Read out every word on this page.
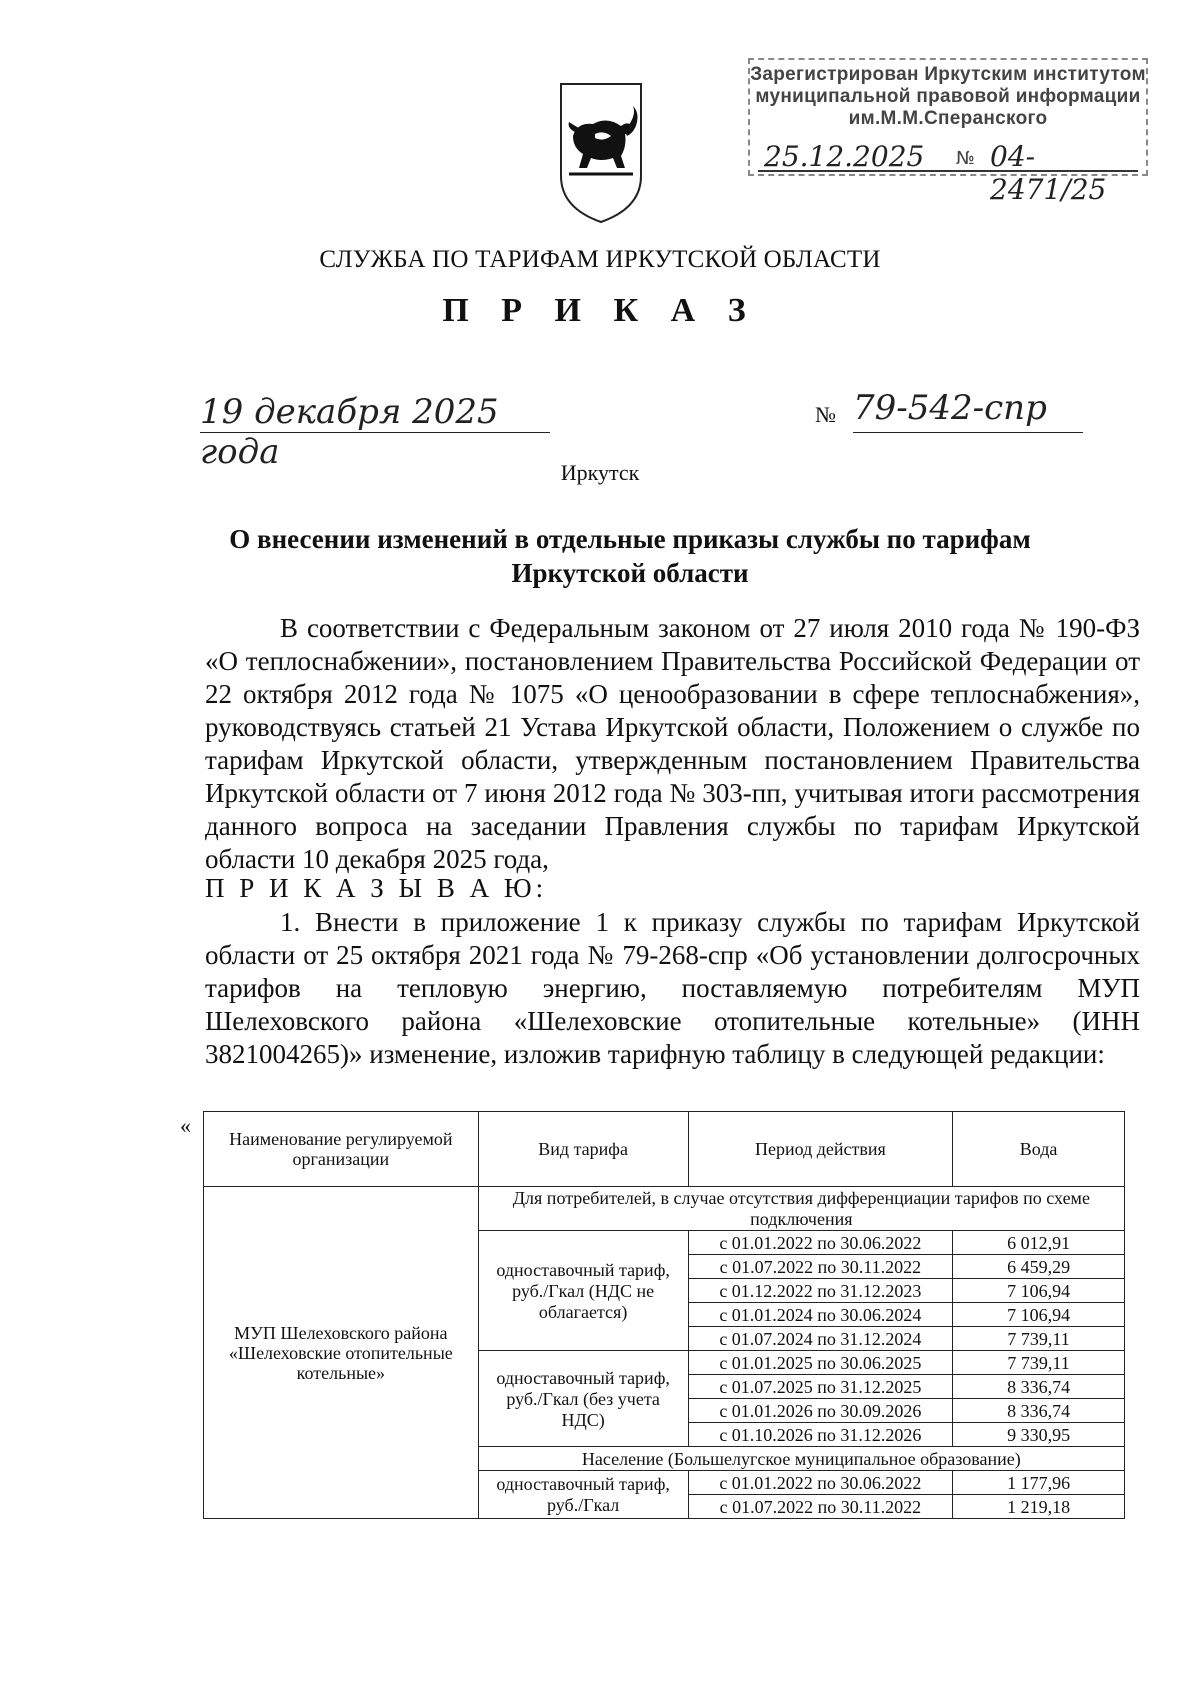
Зарегистрирован Иркутским институтом
муниципальной правовой информации
им.М.М.Сперанского
25.12.2025 № 04-2471/25
СЛУЖБА ПО ТАРИФАМ ИРКУТСКОЙ ОБЛАСТИ
П Р И К А З
19 декабря 2025 года
№ 79-542-спр
Иркутск
О внесении изменений в отдельные приказы службы по тарифам Иркутской области
В соответствии с Федеральным законом от 27 июля 2010 года № 190-ФЗ «О теплоснабжении», постановлением Правительства Российской Федерации от 22 октября 2012 года № 1075 «О ценообразовании в сфере теплоснабжения», руководствуясь статьей 21 Устава Иркутской области, Положением о службе по тарифам Иркутской области, утвержденным постановлением Правительства Иркутской области от 7 июня 2012 года № 303-пп, учитывая итоги рассмотрения данного вопроса на заседании Правления службы по тарифам Иркутской области 10 декабря 2025 года,
П Р И К А З Ы В А Ю:
1. Внести в приложение 1 к приказу службы по тарифам Иркутской области от 25 октября 2021 года № 79-268-спр «Об установлении долгосрочных тарифов на тепловую энергию, поставляемую потребителям МУП Шелеховского района «Шелеховские отопительные котельные» (ИНН 3821004265)» изменение, изложив тарифную таблицу в следующей редакции:
«
Наименование регулируемой организации	Вид тарифа	Период действия	Вода
МУП Шелеховского района «Шелеховские отопительные котельные»	Для потребителей, в случае отсутствия дифференциации тарифов по схеме подключения		
	одноставочный тариф, руб./Гкал (НДС не облагается)	с 01.01.2022 по 30.06.2022	6 012,91
		с 01.07.2022 по 30.11.2022	6 459,29
		с 01.12.2022 по 31.12.2023	7 106,94
		с 01.01.2024 по 30.06.2024	7 106,94
		с 01.07.2024 по 31.12.2024	7 739,11
	одноставочный тариф, руб./Гкал (без учета НДС)	с 01.01.2025 по 30.06.2025	7 739,11
		с 01.07.2025 по 31.12.2025	8 336,74
		с 01.01.2026 по 30.09.2026	8 336,74
		с 01.10.2026 по 31.12.2026	9 330,95
	Население (Большелугское муниципальное образование)		
	одноставочный тариф, руб./Гкал	с 01.01.2022 по 30.06.2022	1 177,96
		с 01.07.2022 по 30.11.2022	1 219,18
